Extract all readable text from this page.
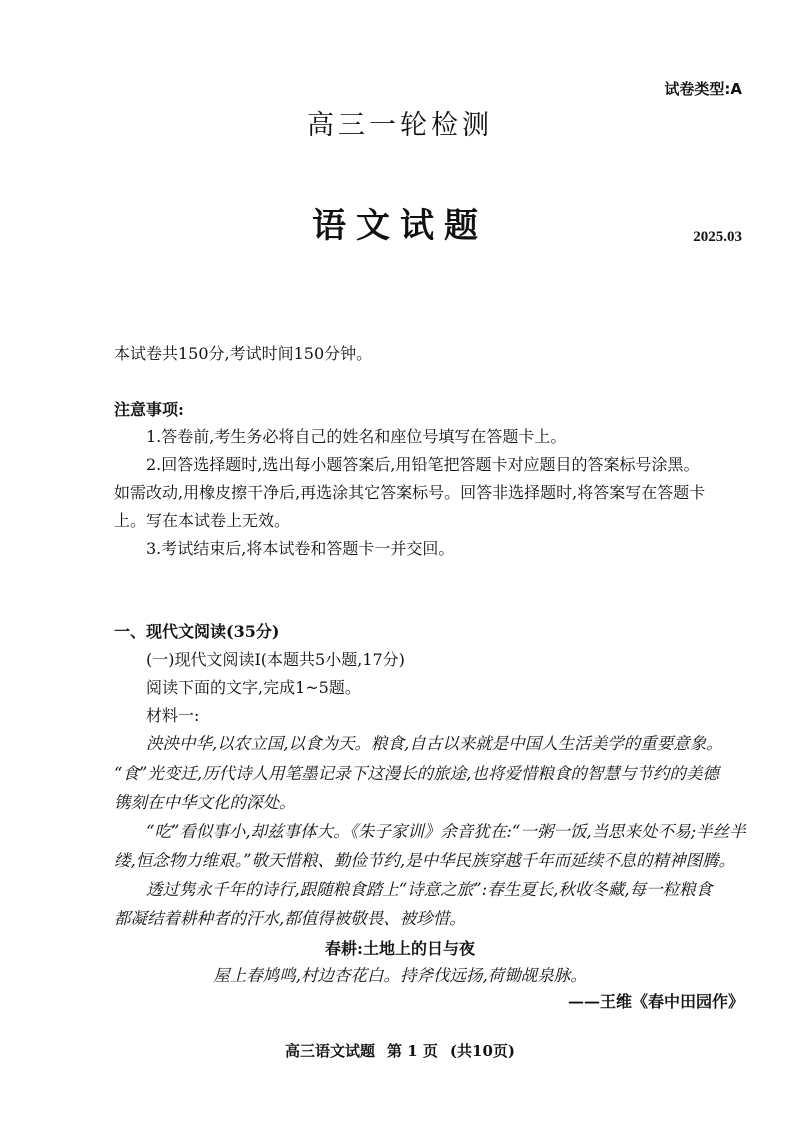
试卷类型:A
高三一轮检测
语文试题	2025.03
本试卷共150分,考试时间150分钟。
注意事项:
1.答卷前,考生务必将自己的姓名和座位号填写在答题卡上。
2.回答选择题时,选出每小题答案后,用铅笔把答题卡对应题目的答案标号涂黑。
如需改动,用橡皮擦干净后,再选涂其它答案标号。回答非选择题时,将答案写在答题卡
上。写在本试卷上无效。
3.考试结束后,将本试卷和答题卡一并交回。
一、现代文阅读(35分)
(一)现代文阅读I(本题共5小题,17分)
阅读下面的文字,完成1~5题。
材料一:
泱泱中华,以农立国,以食为天。粮食,自古以来就是中国人生活美学的重要意象。
“食”光变迁,历代诗人用笔墨记录下这漫长的旅途,也将爱惜粮食的智慧与节约的美德
镌刻在中华文化的深处。
“吃”看似事小,却兹事体大。《朱子家训》余音犹在:“一粥一饭,当思来处不易;半丝半
缕,恒念物力维艰。”敬天惜粮、勤俭节约,是中华民族穿越千年而延续不息的精神图腾。
透过隽永千年的诗行,跟随粮食踏上“诗意之旅”:春生夏长,秋收冬藏,每一粒粮食
都凝结着耕种者的汗水,都值得被敬畏、被珍惜。
春耕:土地上的日与夜
屋上春鸠鸣,村边杏花白。持斧伐远扬,荷锄觇泉脉。
——王维《春中田园作》
高三语文试题 第 1 页 (共10页)
